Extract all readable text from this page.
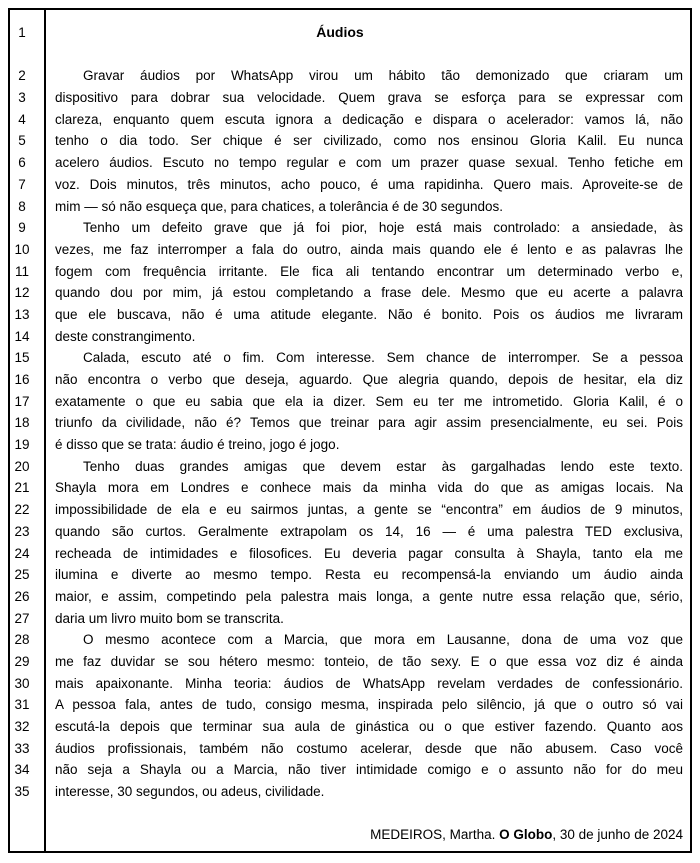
1
2
3
4
5
6
7
8
9
10
11
12
13
14
15
16
17
18
19
20
21
22
23
24
25
26
27
28
29
30
31
32
33
34
35
Áudios
Gravar áudios por WhatsApp virou um hábito tão demonizado que criaram um
dispositivo para dobrar sua velocidade. Quem grava se esforça para se expressar com
clareza, enquanto quem escuta ignora a dedicação e dispara o acelerador: vamos lá, não
tenho o dia todo. Ser chique é ser civilizado, como nos ensinou Gloria Kalil. Eu nunca
acelero áudios. Escuto no tempo regular e com um prazer quase sexual. Tenho fetiche em
voz. Dois minutos, três minutos, acho pouco, é uma rapidinha. Quero mais. Aproveite-se de
mim — só não esqueça que, para chatices, a tolerância é de 30 segundos.
Tenho um defeito grave que já foi pior, hoje está mais controlado: a ansiedade, às
vezes, me faz interromper a fala do outro, ainda mais quando ele é lento e as palavras lhe
fogem com frequência irritante. Ele fica ali tentando encontrar um determinado verbo e,
quando dou por mim, já estou completando a frase dele. Mesmo que eu acerte a palavra
que ele buscava, não é uma atitude elegante. Não é bonito. Pois os áudios me livraram
deste constrangimento.
Calada, escuto até o fim. Com interesse. Sem chance de interromper. Se a pessoa
não encontra o verbo que deseja, aguardo. Que alegria quando, depois de hesitar, ela diz
exatamente o que eu sabia que ela ia dizer. Sem eu ter me intrometido. Gloria Kalil, é o
triunfo da civilidade, não é? Temos que treinar para agir assim presencialmente, eu sei. Pois
é disso que se trata: áudio é treino, jogo é jogo.
Tenho duas grandes amigas que devem estar às gargalhadas lendo este texto.
Shayla mora em Londres e conhece mais da minha vida do que as amigas locais. Na
impossibilidade de ela e eu sairmos juntas, a gente se “encontra” em áudios de 9 minutos,
quando são curtos. Geralmente extrapolam os 14, 16 — é uma palestra TED exclusiva,
recheada de intimidades e filosofices. Eu deveria pagar consulta à Shayla, tanto ela me
ilumina e diverte ao mesmo tempo. Resta eu recompensá-la enviando um áudio ainda
maior, e assim, competindo pela palestra mais longa, a gente nutre essa relação que, sério,
daria um livro muito bom se transcrita.
O mesmo acontece com a Marcia, que mora em Lausanne, dona de uma voz que
me faz duvidar se sou hétero mesmo: tonteio, de tão sexy. E o que essa voz diz é ainda
mais apaixonante. Minha teoria: áudios de WhatsApp revelam verdades de confessionário.
A pessoa fala, antes de tudo, consigo mesma, inspirada pelo silêncio, já que o outro só vai
escutá-la depois que terminar sua aula de ginástica ou o que estiver fazendo. Quanto aos
áudios profissionais, também não costumo acelerar, desde que não abusem. Caso você
não seja a Shayla ou a Marcia, não tiver intimidade comigo e o assunto não for do meu
interesse, 30 segundos, ou adeus, civilidade.
MEDEIROS, Martha. O Globo, 30 de junho de 2024
